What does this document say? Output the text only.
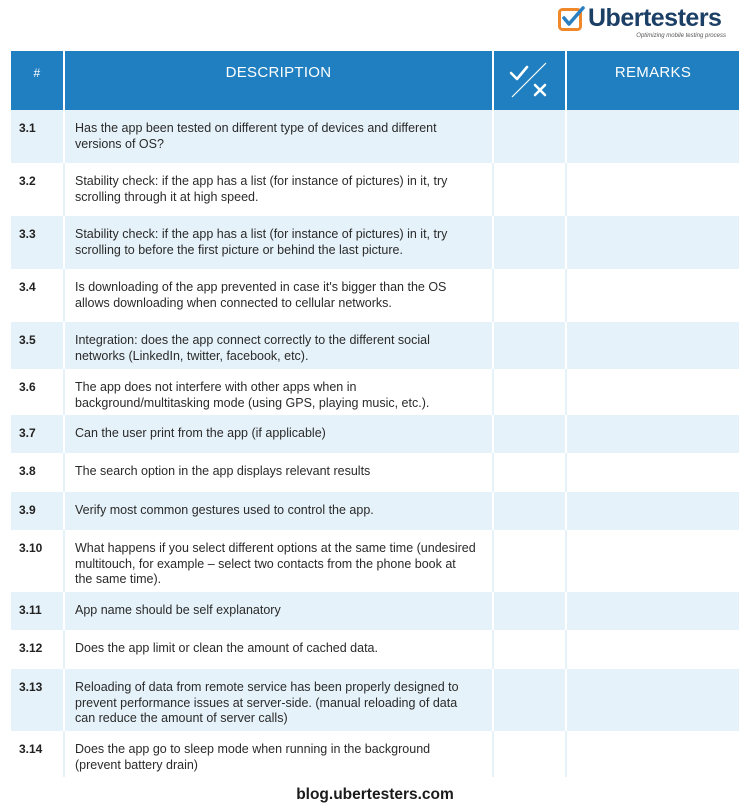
Ubertesters
Optimizing mobile testing process
#	DESCRIPTION		REMARKS

3.1	Has the app been tested on different type of devices and different versions of OS?		
3.2	Stability check: if the app has a list (for instance of pictures) in it, try scrolling through it at high speed.		
3.3	Stability check: if the app has a list (for instance of pictures) in it, try scrolling to before the first picture or behind the last picture.		
3.4	Is downloading of the app prevented in case it's bigger than the OS allows downloading when connected to cellular networks.		
3.5	Integration: does the app connect correctly to the different social networks (LinkedIn, twitter, facebook, etc).		
3.6	The app does not interfere with other apps when in background/multitasking mode (using GPS, playing music, etc.).		
3.7	Can the user print from the app (if applicable)		
3.8	The search option in the app displays relevant results		
3.9	Verify most common gestures used to control the app.		
3.10	What happens if you select different options at the same time (undesired multitouch, for example – select two contacts from the phone book at the same time).		
3.11	App name should be self explanatory		
3.12	Does the app limit or clean the amount of cached data.		
3.13	Reloading of data from remote service has been properly designed to prevent performance issues at server-side. (manual reloading of data can reduce the amount of server calls)		
3.14	Does the app go to sleep mode when running in the background (prevent battery drain)		
blog.ubertesters.com
